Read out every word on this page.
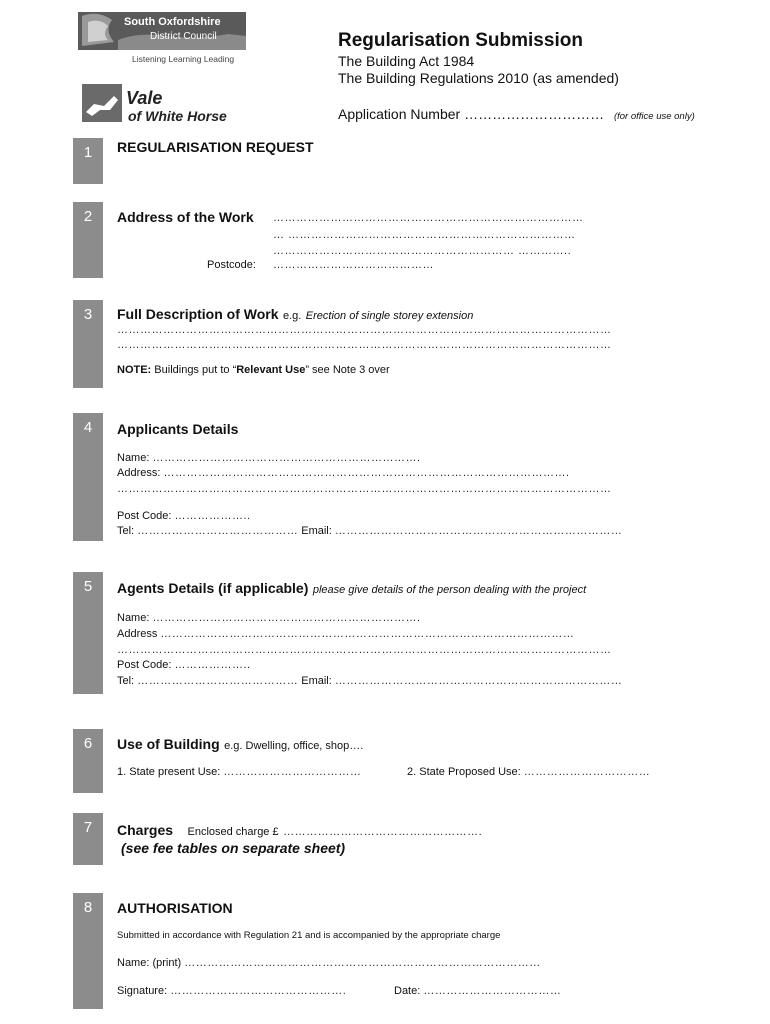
South Oxfordshire
District Council
Listening Learning Leading
Vale
of White Horse
Regularisation Submission
The Building Act 1984
The Building Regulations 2010 (as amended)
Application Number ………………………… (for office use only)
1	REGULARISATION REQUEST
2	Address of the Work ………………………………………………………………………
… …………………………………………………………………
……………………………………………………… …………..
Postcode: ……………………………………
3	Full Description of Work e.g. Erection of single storey extension
…………………………………………………………………………………………………………………
…………………………………………………………………………………………………………………
NOTE: Buildings put to “Relevant Use” see Note 3 over
4	Applicants Details
Name: …………………………………………………………….
Address: …………………………………………………………………………………………….
…………………………………………………………………………………………………………………
Post Code: ………………..
Tel: …………………………………… Email: …………………………………………………………………
5	Agents Details (if applicable) please give details of the person dealing with the project
Name: …………………………………………………………….
Address ………………………………………………………………………………………………
…………………………………………………………………………………………………………………
Post Code: ………………..
Tel: …………………………………… Email: …………………………………………………………………
6	Use of Building e.g. Dwelling, office, shop….
1. State present Use: ………………………………	2. State Proposed Use: ……………………………
7	Charges Enclosed charge £ …………………………………………….
(see fee tables on separate sheet)
8	AUTHORISATION
Submitted in accordance with Regulation 21 and is accompanied by the appropriate charge
Name: (print) …………………………………………………………………………………
Signature: ……………………………………….	Date: ………………………………
